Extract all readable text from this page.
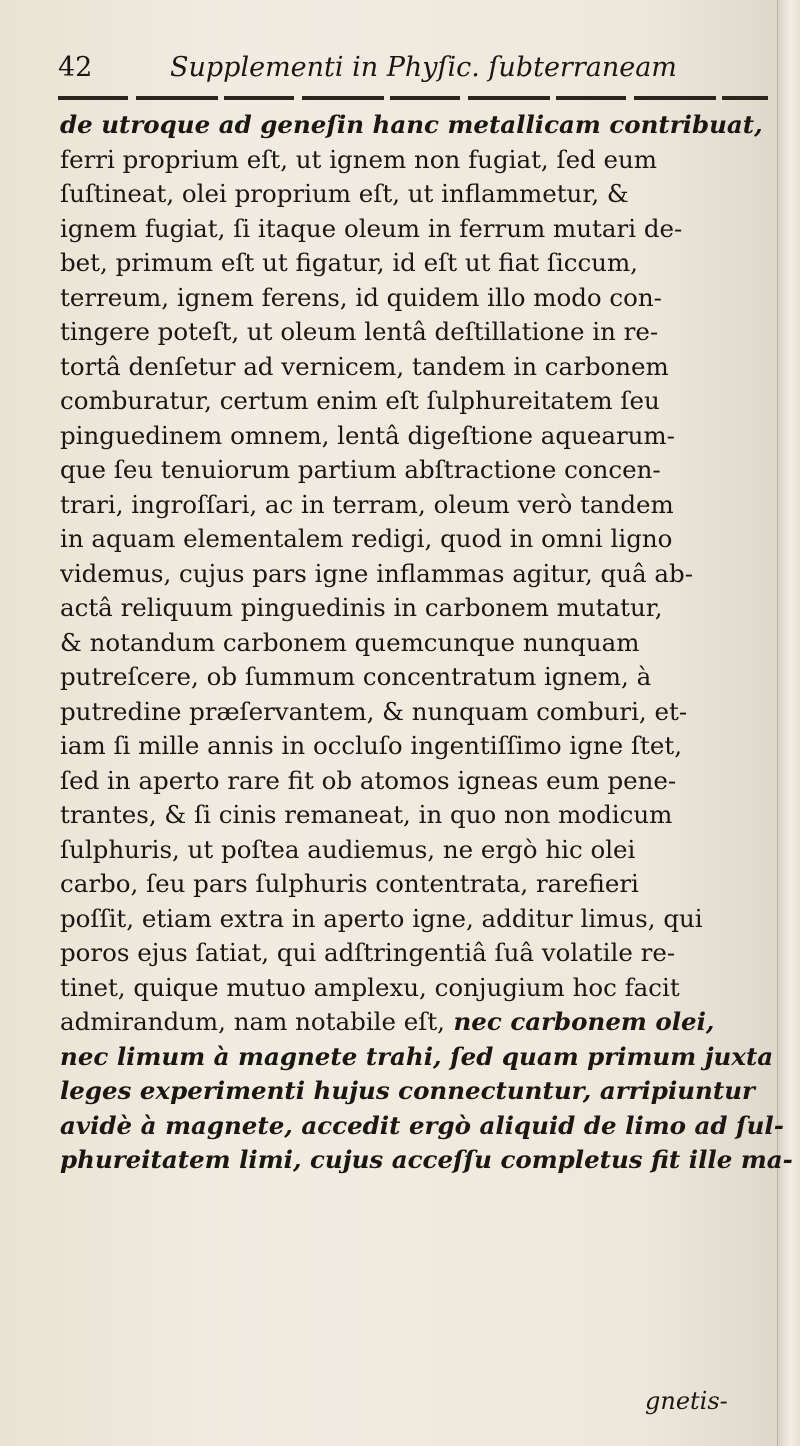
42	Supplementi in Phyſic. ſubterraneam
de utroque ad geneſin hanc metallicam contribuat,
ferri proprium eſt, ut ignem non fugiat, ſed eum
ſuſtineat, olei proprium eſt, ut inflammetur, &
ignem fugiat, ſi itaque oleum in ferrum mutari de-
bet, primum eſt ut figatur, id eſt ut fiat ſiccum,
terreum, ignem ferens, id quidem illo modo con-
tingere poteſt, ut oleum lentâ deſtillatione in re-
tortâ denſetur ad vernicem, tandem in carbonem
comburatur, certum enim eſt ſulphureitatem ſeu
pinguedinem omnem, lentâ digeſtione aquearum-
que ſeu tenuiorum partium abſtractione concen-
trari, ingroſſari, ac in terram, oleum verò tandem
in aquam elementalem redigi, quod in omni ligno
videmus, cujus pars igne inflammas agitur, quâ ab-
actâ reliquum pinguedinis in carbonem mutatur,
& notandum carbonem quemcunque nunquam
putreſcere, ob ſummum concentratum ignem, à
putredine præſervantem, & nunquam comburi, et-
iam ſi mille annis in occluſo ingentiſſimo igne ſtet,
ſed in aperto rare fit ob atomos igneas eum pene-
trantes, & ſi cinis remaneat, in quo non modicum
ſulphuris, ut poſtea audiemus, ne ergò hic olei
carbo, ſeu pars ſulphuris contentrata, rarefieri
poſſit, etiam extra in aperto igne, additur limus, qui
poros ejus ſatiat, qui adſtringentiâ ſuâ volatile re-
tinet, quique mutuo amplexu, conjugium hoc facit
admirandum, nam notabile eſt, nec carbonem olei,
nec limum à magnete trahi, ſed quam primum juxta
leges experimenti hujus connectuntur, arripiuntur
avidè à magnete, accedit ergò aliquid de limo ad ſul-
phureitatem limi, cujus acceſſu completus fit ille ma-
gnetis-
